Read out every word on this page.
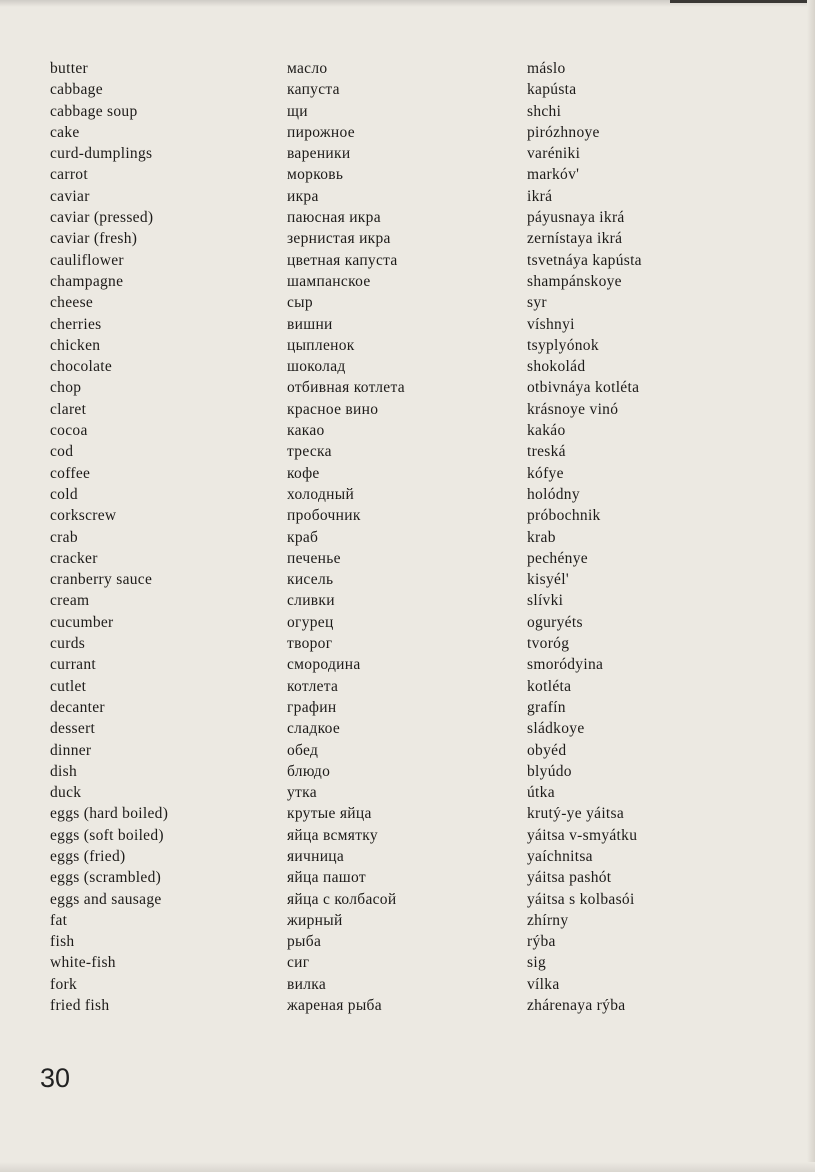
butter
cabbage
cabbage soup
cake
curd-dumplings
carrot
caviar
caviar (pressed)
caviar (fresh)
cauliflower
champagne
cheese
cherries
chicken
chocolate
chop
claret
cocoa
cod
coffee
cold
corkscrew
crab
cracker
cranberry sauce
cream
cucumber
curds
currant
cutlet
decanter
dessert
dinner
dish
duck
eggs (hard boiled)
eggs (soft boiled)
eggs (fried)
eggs (scrambled)
eggs and sausage
fat
fish
white-fish
fork
fried fish
масло
капуста
щи
пирожное
вареники
морковь
икра
паюсная икра
зернистая икра
цветная капуста
шампанское
сыр
вишни
цыпленок
шоколад
отбивная котлета
красное вино
какао
треска
кофе
холодный
пробочник
краб
печенье
кисель
сливки
огурец
творог
смородина
котлета
графин
сладкое
обед
блюдо
утка
крутые яйца
яйца всмятку
яичница
яйца пашот
яйца с колбасой
жирный
рыба
сиг
вилка
жареная рыба
máslo
kapústa
shchi
pirózhnoye
varéniki
markóv'
ikrá
páyusnaya ikrá
zernístaya ikrá
tsvetnáya kapústa
shampánskoye
syr
víshnyi
tsyplyónok
shokolád
otbivnáya kotléta
krásnoye vinó
kakáo
treská
kófye
holódny
próbochnik
krab
pechénye
kisyél'
slívki
oguryéts
tvoróg
smoródyina
kotléta
grafín
sládkoye
obyéd
blyúdo
útka
krutý-ye yáitsa
yáitsa v-smyátku
yaíchnitsa
yáitsa pashót
yáitsa s kolbasói
zhírny
rýba
sig
vílka
zhárenaya rýba
30
